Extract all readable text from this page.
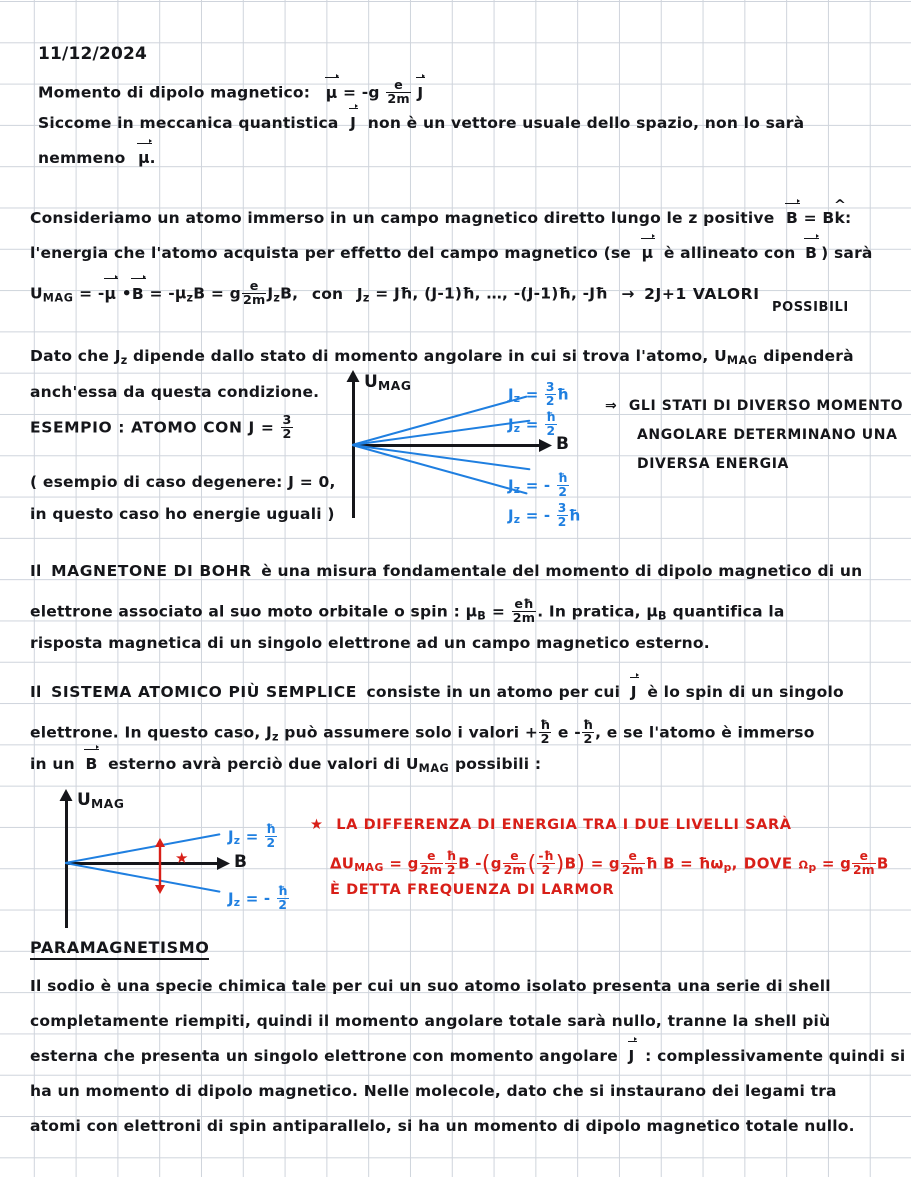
11/12/2024
Momento di dipolo magnetico: $\mu = -g \frac{e}{2m}$ J
Siccome in meccanica quantistica J non è un vettore usuale dello spazio, non lo sarà
nemmeno μ.
Consideriamo un atomo immerso in un campo magnetico diretto lungo le z positive B = Bk ^:
l'energia che l'atomo acquista per effetto del campo magnetico (se μ è allineato con B ) sarà
$U_{MAG} = -\mu$ •B = $-\mu_zB = g \frac{e}{2m} J_zB$, con $J_z$ = Jħ, (J-1)ħ, …, -(J-1)ħ, -Jħ → 2J+1 VALORI
POSSIBILI
Dato che $J_z$ dipende dallo stato di momento angolare in cui si trova l'atomo, $U_{MAG}$ dipenderà
anch'essa da questa condizione.
ESEMPIO : ATOMO CON $J = \frac{3}{2}$
( esempio di caso degenere: J = 0,
in questo caso ho energie uguali )
$U_{MAG}$
B
$J_z = \frac{3}{2}$ ħ
$J_z = \frac{ħ}{2}$
$J_z$ = - $\frac{ħ}{2}$
$J_z$ = - $\frac{3}{2}$ ħ
⇒ GLI STATI DI DIVERSO MOMENTO
ANGOLARE DETERMINANO UNA
DIVERSA ENERGIA
Il MAGNETONE DI BOHR è una misura fondamentale del momento di dipolo magnetico di un
elettrone associato al suo moto orbitale o spin : $\mu_B = \frac{eħ}{2m}$ . In pratica, $\mu_B$ quantifica la
risposta magnetica di un singolo elettrone ad un campo magnetico esterno.
Il SISTEMA ATOMICO PIÙ SEMPLICE consiste in un atomo per cui J è lo spin di un singolo
elettrone. In questo caso, $J_z$ può assumere solo i valori + $\frac{ħ}{2}$ e - $\frac{ħ}{2}$ , e se l'atomo è immerso
in un B esterno avrà perciò due valori di $U_{MAG}$ possibili :
$U_{MAG}$
B
$J_z = \frac{ħ}{2}$
$J_z$ = - $\frac{ħ}{2}$
★
★ LA DIFFERENZA DI ENERGIA TRA I DUE LIVELLI SARÀ
$\Delta U_{MAG} = g \frac{e}{2m} \frac{ħ}{2}$ B $-(g \frac{e}{2m}$ ( $\frac{-ħ}{2} )B) = g \frac{e}{2m}$ ħ $B = ħ\omega_p$, DOVE $\omega_p = g \frac{e}{2m}$ B
È DETTA FREQUENZA DI LARMOR
PARAMAGNETISMO
Il sodio è una specie chimica tale per cui un suo atomo isolato presenta una serie di shell
completamente riempiti, quindi il momento angolare totale sarà nullo, tranne la shell più
esterna che presenta un singolo elettrone con momento angolare J : complessivamente quindi si
ha un momento di dipolo magnetico. Nelle molecole, dato che si instaurano dei legami tra
atomi con elettroni di spin antiparallelo, si ha un momento di dipolo magnetico totale nullo.
